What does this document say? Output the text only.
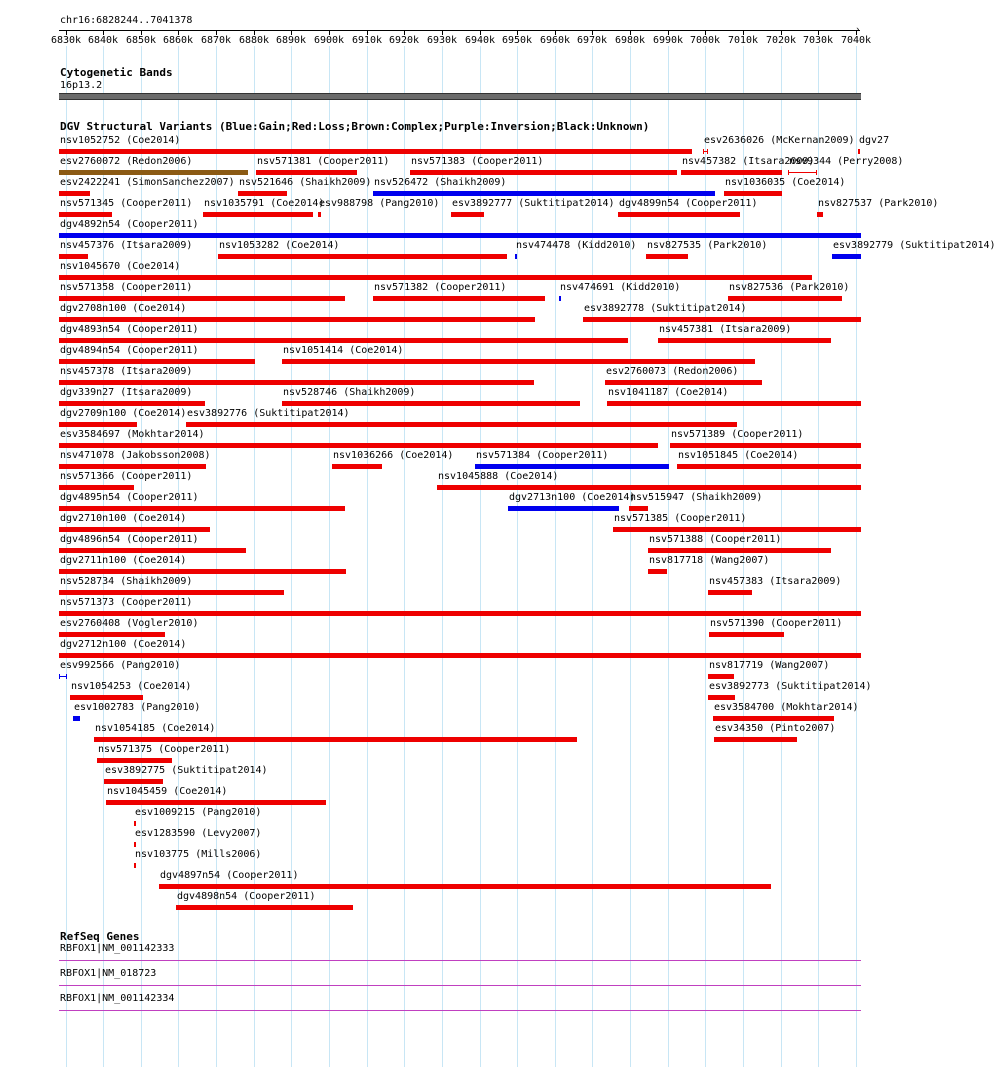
chr16:6828244..7041378
6830k 6840k 6850k 6860k 6870k 6880k 6890k 6900k 6910k 6920k 6930k 6940k 6950k 6960k 6970k 6980k 6990k 7000k 7010k 7020k 7030k 7040k
›
Cytogenetic Bands
16p13.2
DGV Structural Variants (Blue:Gain;Red:Loss;Brown:Complex;Purple:Inversion;Black:Unknown)
nsv1052752 (Coe2014)	esv2636026 (McKernan2009) dgv27
esv2760072 (Redon2006)	nsv571381 (Cooper2011) nsv571383 (Cooper2011)	nsv457382 (Itsara2009)
nsv9344 (Perry2008)
esv2422241 (SimonSanchez2007) nsv521646 (Shaikh2009) nsv526472 (Shaikh2009)	nsv1036035 (Coe2014)
nsv571345 (Cooper2011) nsv1035791 (Coe2014)
esv988798 (Pang2010) esv3892777 (Suktitipat2014) dgv4899n54 (Cooper2011)	nsv827537 (Park2010)
dgv4892n54 (Cooper2011)
nsv457376 (Itsara2009)	nsv1053282 (Coe2014)	nsv474478 (Kidd2010) nsv827535 (Park2010)	esv3892779 (Suktitipat2014)
nsv1045670 (Coe2014)
nsv571358 (Cooper2011)	nsv571382 (Cooper2011)	nsv474691 (Kidd2010)	nsv827536 (Park2010)
dgv2708n100 (Coe2014)	esv3892778 (Suktitipat2014)
dgv4893n54 (Cooper2011)	nsv457381 (Itsara2009)
dgv4894n54 (Cooper2011)	nsv1051414 (Coe2014)
nsv457378 (Itsara2009)	esv2760073 (Redon2006)
dgv339n27 (Itsara2009)	nsv528746 (Shaikh2009)	nsv1041187 (Coe2014)
dgv2709n100 (Coe2014) esv3892776 (Suktitipat2014)
esv3584697 (Mokhtar2014)	nsv571389 (Cooper2011)
nsv471078 (Jakobsson2008)	nsv1036266 (Coe2014) nsv571384 (Cooper2011)	nsv1051845 (Coe2014)
nsv571366 (Cooper2011)	nsv1045888 (Coe2014)
dgv4895n54 (Cooper2011)	dgv2713n100 (Coe2014)
nsv515947 (Shaikh2009)
dgv2710n100 (Coe2014)	nsv571385 (Cooper2011)
dgv4896n54 (Cooper2011)	nsv571388 (Cooper2011)
dgv2711n100 (Coe2014)	nsv817718 (Wang2007)
nsv528734 (Shaikh2009)	nsv457383 (Itsara2009)
nsv571373 (Cooper2011)
esv2760408 (Vogler2010)	nsv571390 (Cooper2011)
dgv2712n100 (Coe2014)
esv992566 (Pang2010)	nsv817719 (Wang2007)
nsv1054253 (Coe2014)	esv3892773 (Suktitipat2014)
esv1002783 (Pang2010)	esv3584700 (Mokhtar2014)
nsv1054185 (Coe2014)	esv34350 (Pinto2007)
nsv571375 (Cooper2011)
esv3892775 (Suktitipat2014)
nsv1045459 (Coe2014)
esv1009215 (Pang2010)
esv1283590 (Levy2007)
nsv103775 (Mills2006)
dgv4897n54 (Cooper2011)
dgv4898n54 (Cooper2011)
RefSeq Genes
RBFOX1|NM_001142333
RBFOX1|NM_018723
RBFOX1|NM_001142334
